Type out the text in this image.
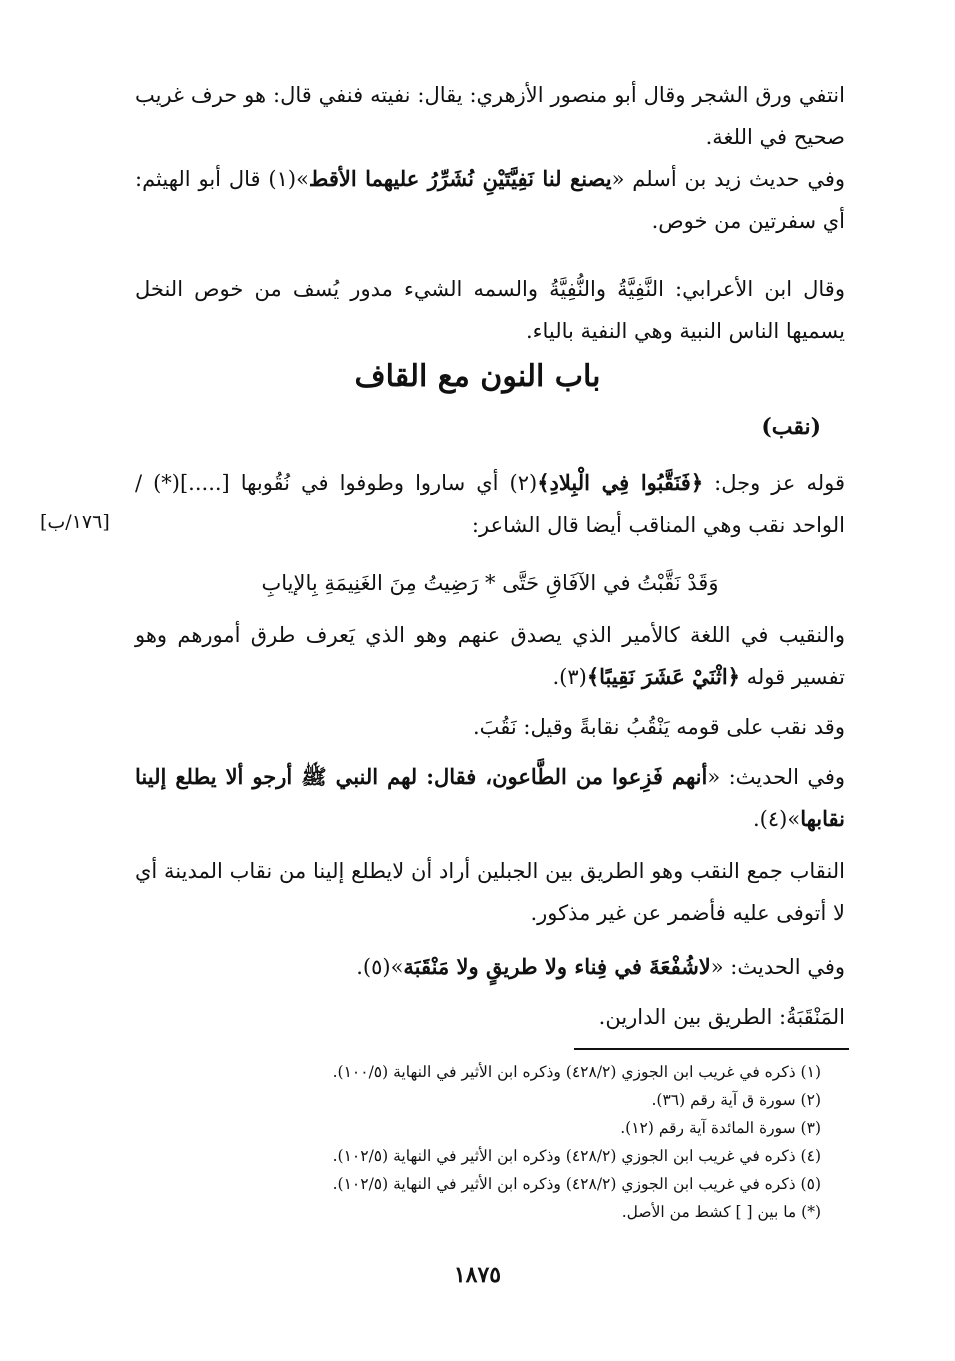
انتفي ورق الشجر وقال أبو منصور الأزهري: يقال: نفيته فنفي قال: هو حرف غريب صحيح في اللغة.

وفي حديث زيد بن أسلم «يصنع لنا نَفِيَّتَيْنِ نُشَرِّرُ عليهما الأقط»(١) قال أبو الهيثم: أي سفرتين من خوص.

وقال ابن الأعرابي: النَّفِيَّةُ والنُّفِيَّةُ والسمه الشيء مدور يُسف من خوص النخل يسميها الناس النبية وهي النفية بالياء.

باب النون مع القاف
(نقب)

قوله عز وجل: ﴿فَنَقَّبُوا فِي الْبِلادِ﴾(٢) أي ساروا وطوفوا في نُقُوبها [.....](*) / الواحد نقب وهي المناقب أيضا قال الشاعر:

[١٧٦/ب]
وَقَدْ نَقَّبْتُ في الآفَاقِ حَتَّى * رَضِيتُ مِنَ الغَنِيمَةِ بِالإيابِ

والنقيب في اللغة كالأمير الذي يصدق عنهم وهو الذي يَعرف طرق أمورهم وهو تفسير قوله ﴿اثْنَيْ عَشَرَ نَقِيبًا﴾(٣).

وقد نقب على قومه يَنْقُبُ نقابةً وقيل: نَقُبَ.

وفي الحديث: «أنهم فَزِعوا من الطَّاعون، فقال: لهم النبي ﷺ أرجو ألا يطلع إلينا نقابها»(٤).

النقاب جمع النقب وهو الطريق بين الجبلين أراد أن لايطلع إلينا من نقاب المدينة أي لا أتوفى عليه فأضمر عن غير مذكور.

وفي الحديث: «لاشُفْعَةَ في فِناء ولا طريقٍ ولا مَنْقَبَة»(٥).

المَنْقَبَةُ: الطريق بين الدارين.

(١) ذكره في غريب ابن الجوزي (٤٢٨/٢) وذكره ابن الأثير في النهاية (١٠٠/٥).
(٢) سورة ق آية رقم (٣٦).
(٣) سورة المائدة آية رقم (١٢).
(٤) ذكره في غريب ابن الجوزي (٤٢٨/٢) وذكره ابن الأثير في النهاية (١٠٢/٥).
(٥) ذكره في غريب ابن الجوزي (٤٢٨/٢) وذكره ابن الأثير في النهاية (١٠٢/٥).
(*) ما بين [ ] كشط من الأصل.
١٨٧٥
